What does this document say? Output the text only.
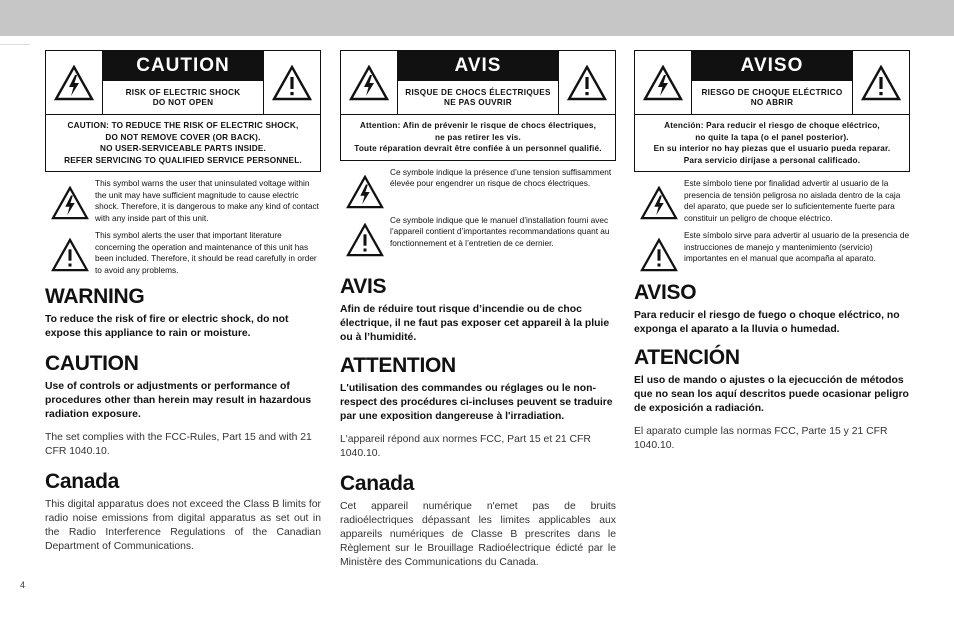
CAUTION
RISK OF ELECTRIC SHOCK
DO NOT OPEN
CAUTION: TO REDUCE THE RISK OF ELECTRIC SHOCK,
DO NOT REMOVE COVER (OR BACK).
NO USER-SERVICEABLE PARTS INSIDE.
REFER SERVICING TO QUALIFIED SERVICE PERSONNEL.
This symbol warns the user that uninsulated voltage within the unit may have sufficient magnitude to cause electric shock. Therefore, it is dangerous to make any kind of contact with any inside part of this unit.
This symbol alerts the user that important literature concerning the operation and maintenance of this unit has been included. Therefore, it should be read carefully in order to avoid any problems.
WARNING

To reduce the risk of fire or electric shock, do not expose this appliance to rain or moisture.

CAUTION

Use of controls or adjustments or performance of procedures other than herein may result in hazardous radiation exposure.

The set complies with the FCC-Rules, Part 15 and with 21 CFR 1040.10.

Canada

This digital apparatus does not exceed the Class B limits for radio noise emissions from digital apparatus as set out in the Radio Interference Regulations of the Canadian Department of Communications.

AVIS
RISQUE DE CHOCS ÉLECTRIQUES
NE PAS OUVRIR
Attention: Afin de prévenir le risque de chocs électriques,
ne pas retirer les vis.
Toute réparation devrait être confiée à un personnel qualifié.
Ce symbole indique la présence d’une tension suffisamment élevée pour engendrer un risque de chocs électriques.
Ce symbole indique que le manuel d’installation fourni avec l’appareil contient d’importantes recommandations quant au fonctionnement et à l’entretien de ce dernier.
AVIS

Afin de réduire tout risque d’incendie ou de choc électrique, il ne faut pas exposer cet appareil à la pluie ou à l’humidité.

ATTENTION

L'utilisation des commandes ou réglages ou le non-respect des procédures ci-incluses peuvent se traduire par une exposition dangereuse à l'irradiation.

L'appareil répond aux normes FCC, Part 15 et 21 CFR 1040.10.

Canada

Cet appareil numérique n'emet pas de bruits radioélectriques dépassant les limites applicables aux appareils numériques de Classe B prescrites dans le Règlement sur le Brouillage Radioélectrique édicté par le Ministère des Communications du Canada.

AVISO
RIESGO DE CHOQUE ELÉCTRICO
NO ABRIR
Atención: Para reducir el riesgo de choque eléctrico,
no quite la tapa (o el panel posterior).
En su interior no hay piezas que el usuario pueda reparar.
Para servicio diríjase a personal calificado.
Este símbolo tiene por finalidad advertir al usuario de la presencia de tensión peligrosa no aislada dentro de la caja del aparato, que puede ser lo suficientemente fuerte para constituir un peligro de choque eléctrico.
Este símbolo sirve para advertir al usuario de la presencia de instrucciones de manejo y mantenimiento (servicio) importantes en el manual que acompaña al aparato.
AVISO

Para reducir el riesgo de fuego o choque eléctrico, no exponga el aparato a la lluvia o humedad.

ATENCIÓN

El uso de mando o ajustes o la ejecucción de métodos que no sean los aquí descritos puede ocasionar peligro de exposición a radiación.

El aparato cumple las normas FCC, Parte 15 y 21 CFR 1040.10.

4
